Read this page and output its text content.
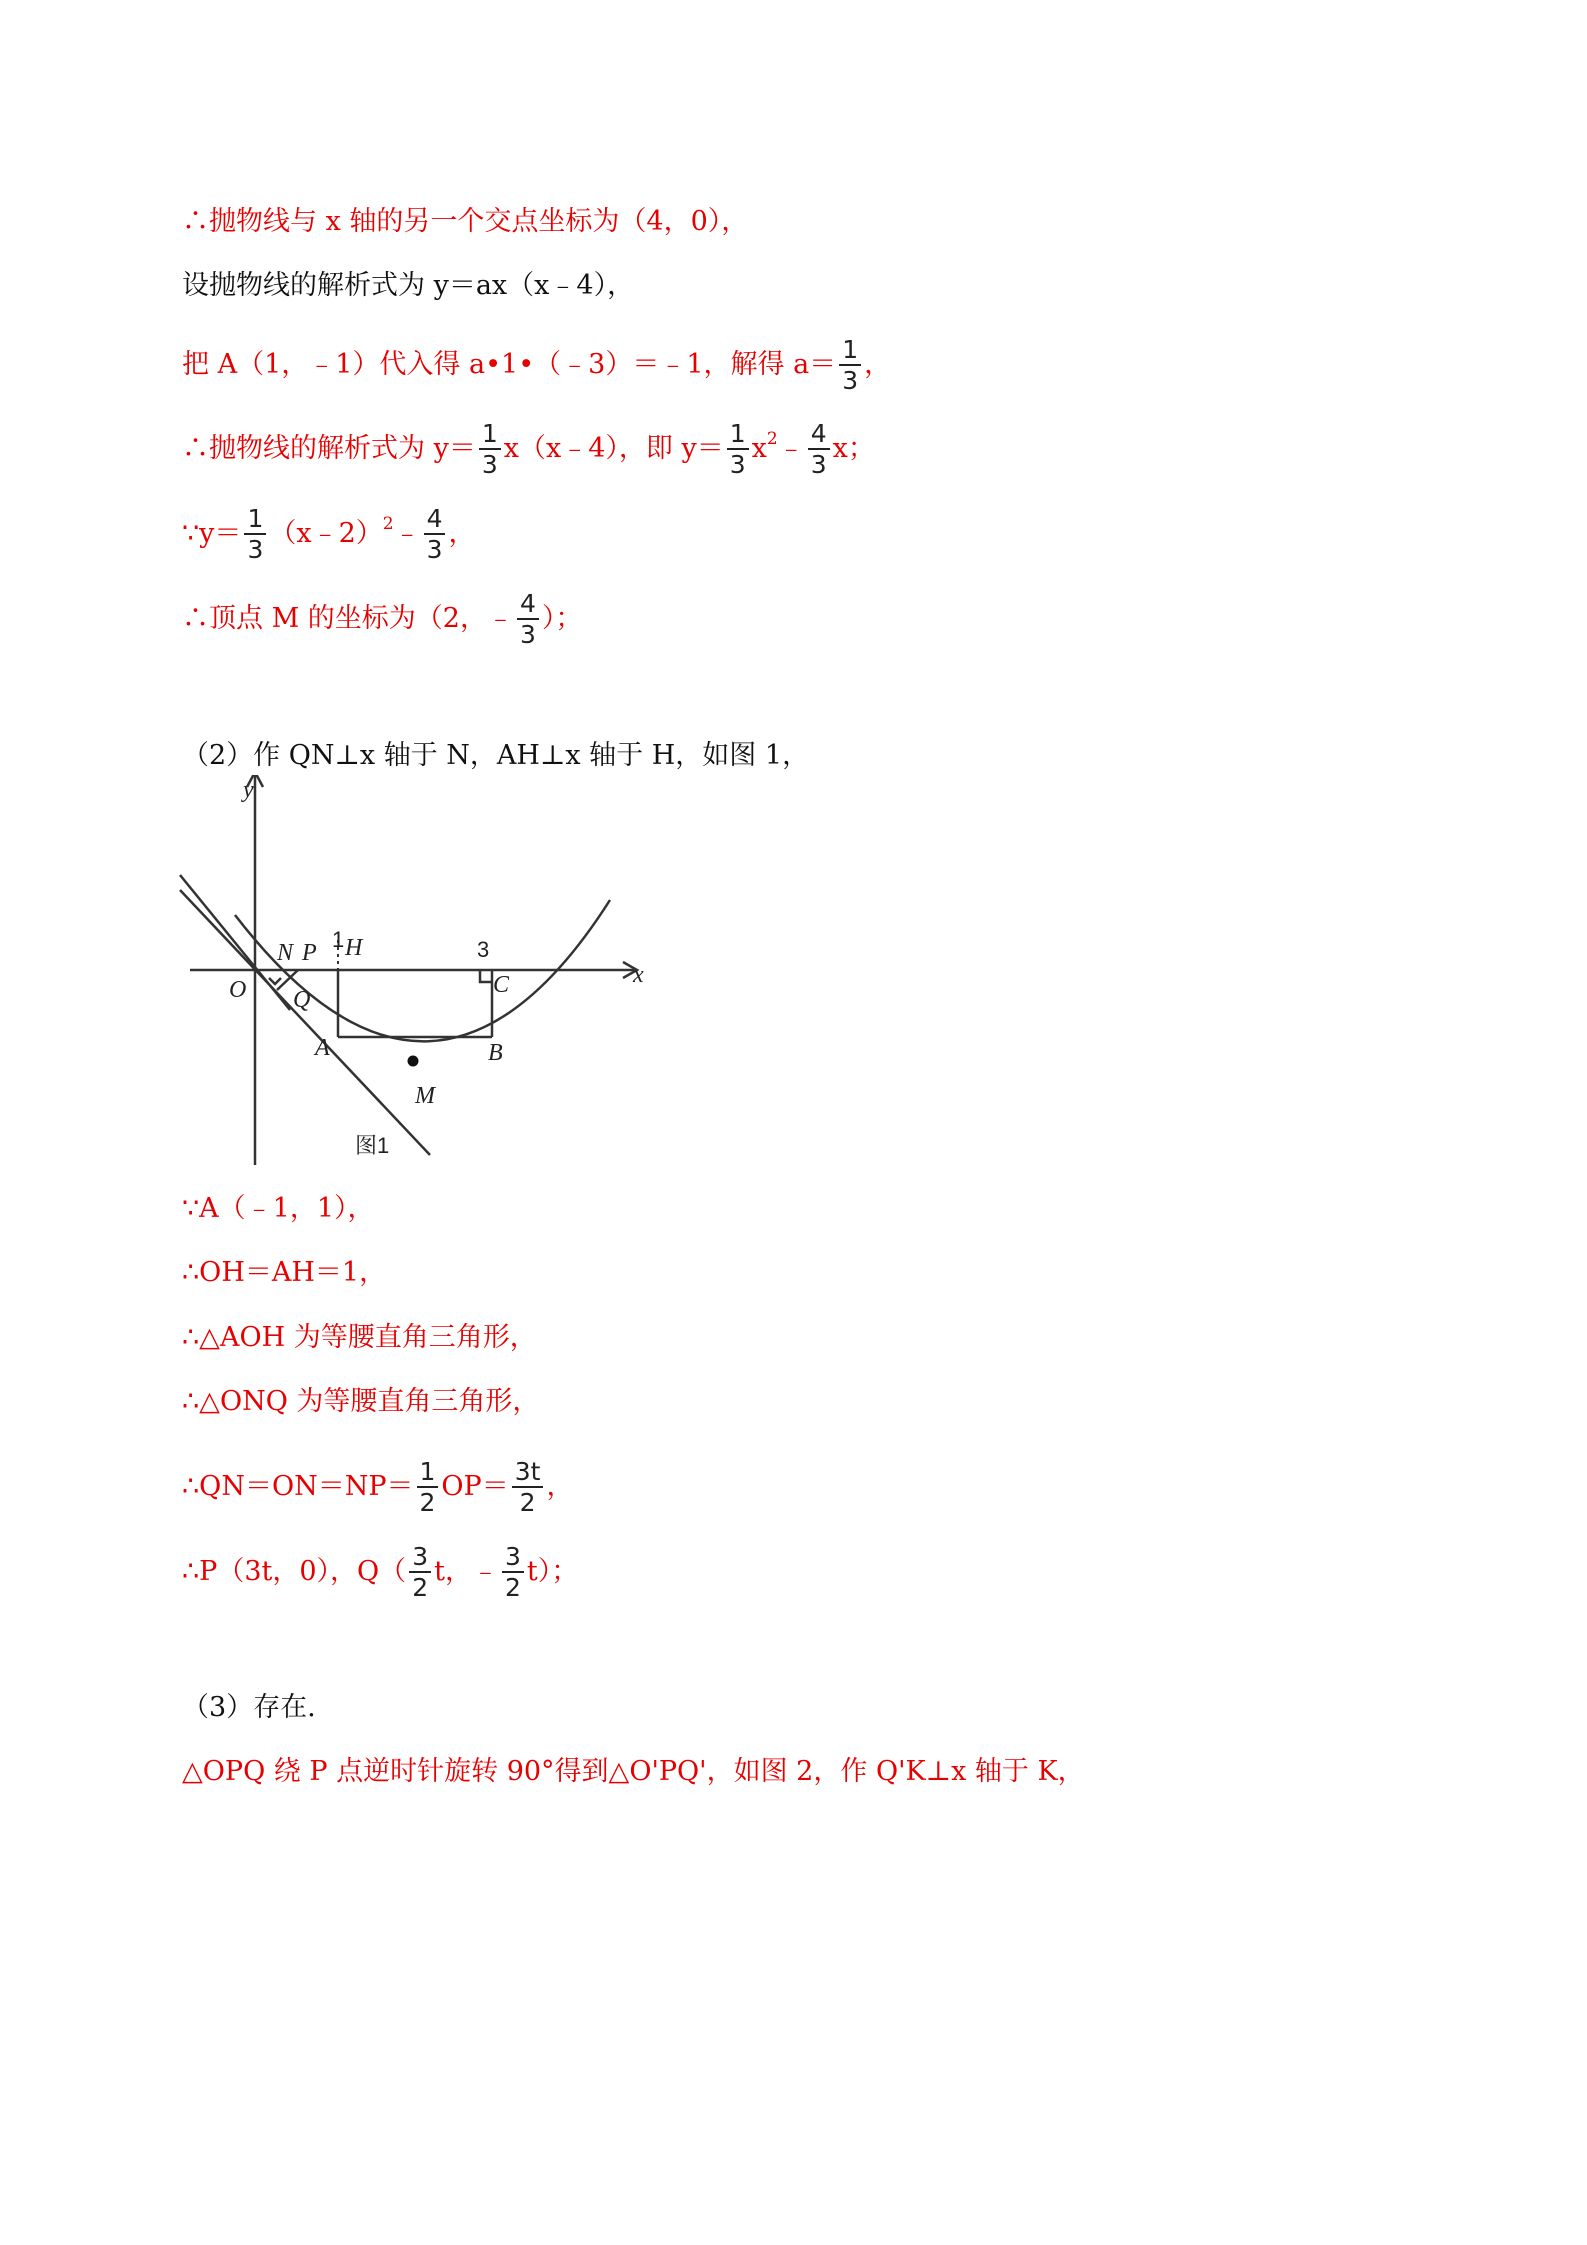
∴抛物线与 x 轴的另一个交点坐标为（4，0），
设抛物线的解析式为 y＝ax（x﹣4），
把 A（1，﹣1）代入得 a•1•（﹣3）＝﹣1，解得 $a= \frac{1}{3}$ ，
∴抛物线的解析式为 $y= \frac{1}{3}$ x（x﹣4），即 $y= \frac{1}{3}$ x 2 ﹣ $\frac{4}{3}$ x；
∵y＝ $\frac{1}{3}$ （x﹣2） 2 ﹣ $\frac{4}{3}$ ，
∴顶点 M 的坐标为（2，﹣ $\frac{4}{3}$ ）；
（2）作 QN⊥x 轴于 N，AH⊥x 轴于 H，如图 1，
y
x
O
N P
Q
H
C
A	B
M
1	3
图1
∵A（﹣1，1），
∴OH＝AH＝1，
∴△AOH 为等腰直角三角形，
∴△ONQ 为等腰直角三角形，
∴QN＝ON＝NP＝ $\frac{1}{2} OP= \frac{3t}{2}$ ，
∴P（3t，0），$Q( \frac{3}{2}$ t，﹣ $\frac{3}{2} t$）；
（3）存在.
△OPQ 绕 P 点逆时针旋转 90°得到△O'PQ'，如图 2，作 Q'K⊥x 轴于 K，
